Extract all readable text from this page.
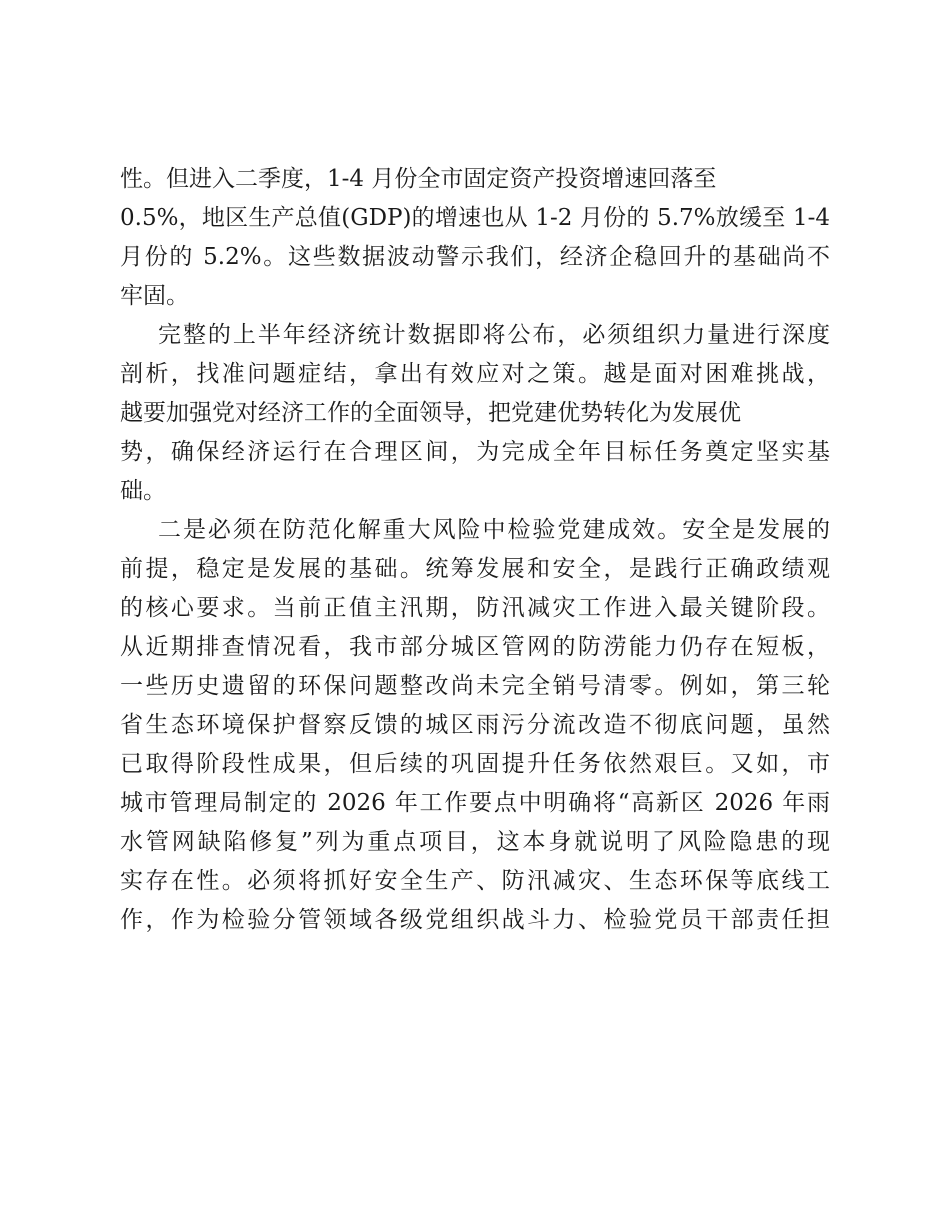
性。但进入二季度，1-4 月份全市固定资产投资增速回落至
0.5%，地区生产总值(GDP)的增速也从 1-2 月份的 5.7%放缓至 1-4
月份的 5.2%。这些数据波动警示我们，经济企稳回升的基础尚不
牢固。
完整的上半年经济统计数据即将公布，必须组织力量进行深度
剖析，找准问题症结，拿出有效应对之策。越是面对困难挑战，
越要加强党对经济工作的全面领导，把党建优势转化为发展优
势，确保经济运行在合理区间，为完成全年目标任务奠定坚实基
础。
二是必须在防范化解重大风险中检验党建成效。安全是发展的
前提，稳定是发展的基础。统筹发展和安全，是践行正确政绩观
的核心要求。当前正值主汛期，防汛减灾工作进入最关键阶段。
从近期排查情况看，我市部分城区管网的防涝能力仍存在短板，
一些历史遗留的环保问题整改尚未完全销号清零。例如，第三轮
省生态环境保护督察反馈的城区雨污分流改造不彻底问题，虽然
已取得阶段性成果，但后续的巩固提升任务依然艰巨。又如，市
城市管理局制定的 2026 年工作要点中明确将“高新区 2026 年雨
水管网缺陷修复”列为重点项目，这本身就说明了风险隐患的现
实存在性。必须将抓好安全生产、防汛减灾、生态环保等底线工
作，作为检验分管领域各级党组织战斗力、检验党员干部责任担
